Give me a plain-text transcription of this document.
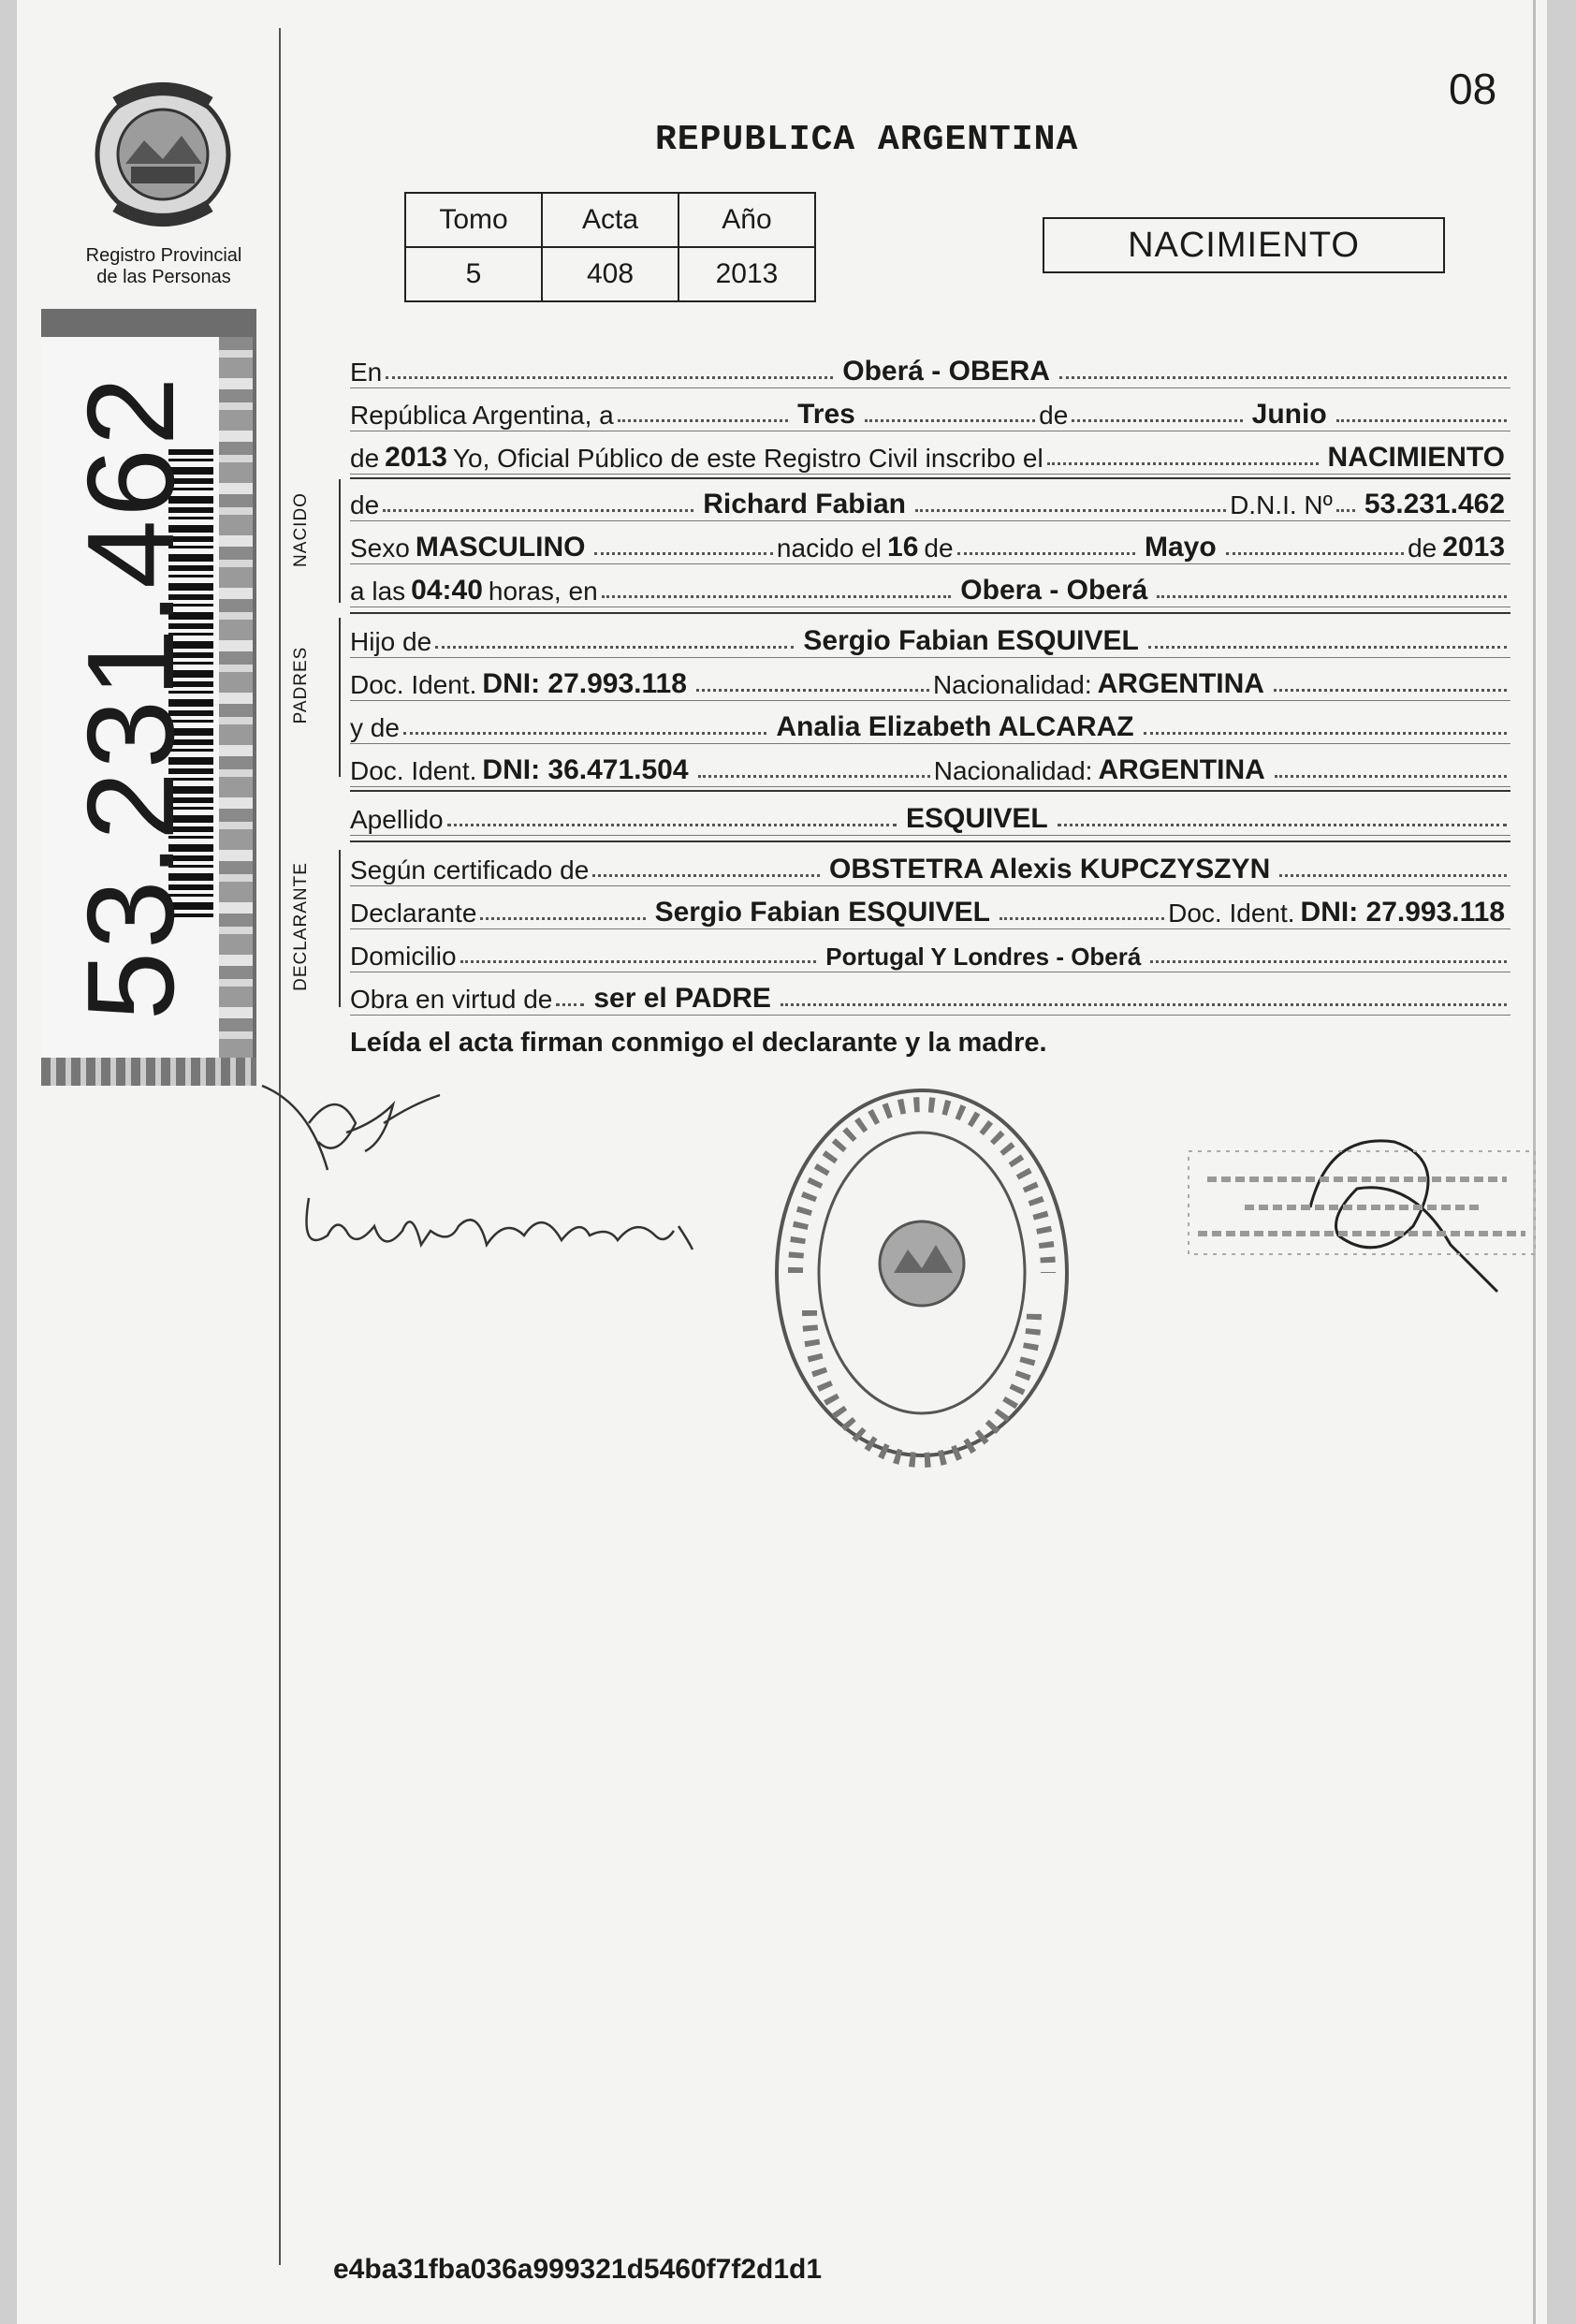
Registro Provincial
de las Personas
53.231.462
08
REPUBLICA ARGENTINA
Tomo	Acta	Año
5	408	2013
NACIMIENTO
NACIDO
PADRES
DECLARANTE
En	Oberá - OBERA
República Argentina, a	Tres	de	Junio
de 2013 Yo, Oficial Público de este Registro Civil inscribo el	NACIMIENTO
de	Richard Fabian	D.N.I. Nº 53.231.462
Sexo MASCULINO	nacido el 16 de	Mayo	de 2013
a las 04:40 horas, en	Obera - Oberá
Hijo de	Sergio Fabian ESQUIVEL
Doc. Ident. DNI: 27.993.118	Nacionalidad: ARGENTINA
y de	Analia Elizabeth ALCARAZ
Doc. Ident. DNI: 36.471.504	Nacionalidad: ARGENTINA
Apellido	ESQUIVEL
Según certificado de	OBSTETRA Alexis KUPCZYSZYN
Declarante	Sergio Fabian ESQUIVEL	Doc. Ident. DNI: 27.993.118
Domicilio	Portugal Y Londres - Oberá
Obra en virtud de ser el PADRE
Leída el acta firman conmigo el declarante y la madre.
e4ba31fba036a999321d5460f7f2d1d1
